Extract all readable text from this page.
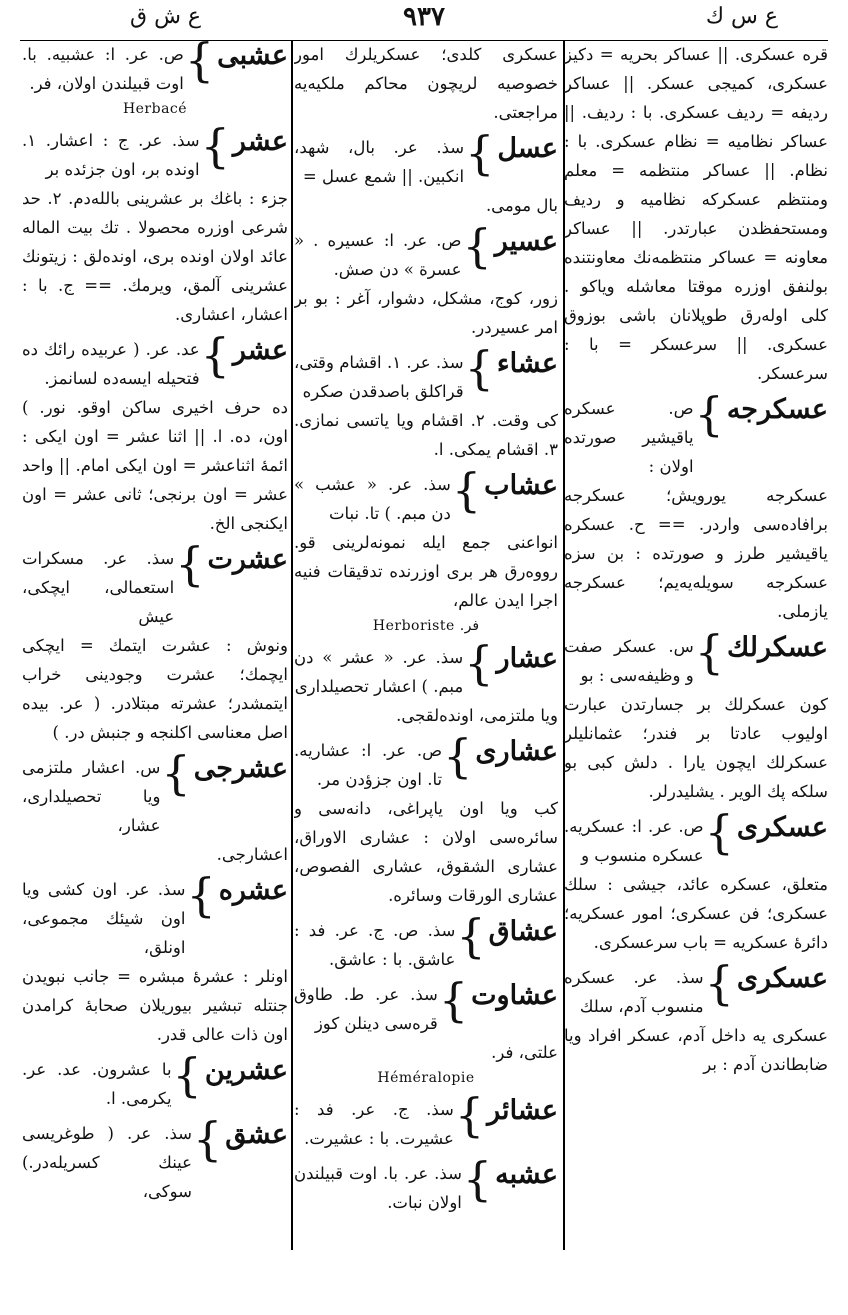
ع ش ق	۹۳۷	ع س ك
قره عسکری. || عساکر بحریه = دکیز عسکری، کمیجی عسکر. || عساکر ردیفه = ردیف عسکری. ﺑﺎ : ردیف. ||عساکر نظامیه = نظام عسکری. ﺑﺎ : نظام. || عساکر منتظمه = معلم ومنتظم عسکرکه نظامیه و ردیف ومستحفظدن عبارتدر. || عساکر معاونه = عساکر منتظمه‌نك معاونتنده بولنفق اوزره موقتا معاشله ویاکو . کلی اوله‌رق طوپلانان باشی بوزوق عسکری. || سرعسکر = ﺑﺎ : سرعسکر.
عسکرجه
{
ص. عسکره یاقیشیر صورتده اولان :
عسکرجه یورویش؛ عسکرجه برافاده‌سی واردر. == ح. عسکره یاقیشیر طرز و صورتده : بن سزه عسکرجه سویله‌یه‌یم؛ عسکرجه یازملی.
عسکرلك
{
س. عسکر صفت و وظیفه‌سی : بو
کون عسکرلك بر جسارتدن عبارت اولیوب عادتا بر فندر؛ عثمانلیلر عسکرلك ایچون یارا . دلش کبی بو سلکه پك الویر . یشلیدرلر.
عسکری
{
ص. عر. ا: عسکریه. عسکره منسوب و
متعلق، عسکره عائد، جیشی : سلك عسکری؛ فن عسکری؛ امور عسکریه؛ دائرۀ عسکریه = باب سرعسکری.
عسکری
{
سذ. عر. عسکره منسوب آدم، سلك
عسکری یه داخل آدم، عسکر افراد ویا ضابطاندن آدم : بر
عسکری کلدی؛ عسکریلرك امور خصوصیه لریچون محاکم ملکیه‌یه مراجعتی.
عسل
{
سذ. عر. بال، شهد، انکبین. || شمع عسل =
بال مومی.
عسیر
{
ص. عر. ا: عسیره . « عسرة » دن صش.
زور، کوج، مشکل، دشوار، آغر : بو بر امر عسیردر.
عشاء
{
سذ. عر. ۱. اقشام وقتی، قراکلق باصدقدن صکره
کی وقت. ۲. اقشام ویا یاتسی نمازی. ۳. اقشام یمکی. ا.
عشاب
{
سذ. عر. « عشب » دن مبم. ) ﺗﺎ. نبات
انواعنی جمع ایله نمونه‌لرینی قو. رووه‌رق هر بری اوزرنده تدقیقات فنیه اجرا ایدن عالم،
Herboriste .فر
عشار
{
سذ. عر. « عشر » دن مبم. ) اعشار تحصیلداری
ویا ملتزمی، اونده‌لقجی.
عشاری
{
ص. عر. ا: عشاریه. ﺗﺎ. اون جزؤدن مر.
کب ویا اون یاپراغی، دانه‌سی و سائره‌سی اولان : عشاری الاوراق، عشاری الشقوق، عشاری الفصوص، عشاری الورقات وسائره.
عشاق
{
سذ. ص. ج. عر. فد : عاشق. ﺑﺎ : عاشق.
عشاوت
{
سذ. عر. ط. طاوق قره‌سی دینلن کوز
علتی، فر.
Héméralopie
عشائر
{
سذ. ج. عر. فد : عشیرت. ﺑﺎ : عشیرت.
عشبه
{
سذ. عر. ﺑﺎ. اوت قبیلندن اولان نبات.
عشبی
{
ص. عر. ا: عشبیه. ﺑﺎ. اوت قبیلندن اولان، فر.
Herbacé
عشر
{
سذ. عر. ج : اعشار. ۱. اونده بر، اون جزئده بر
جزء : باغك بر عشرینی بالله‌دم. ۲. حد شرعی اوزره محصولا . تك بیت المالە عائد اولان اونده بری، اونده‌لق : زیتونك عشرینی آلمق، ویرمك. == ج. ﺑﺎ : اعشار، اعشاری.
عشر
{
عد. عر. ( عربیده رائك ده فتحیله ایسه‌ده لسانمز.
ده حرف اخیری ساکن اوقو. نور. ) اون، ده. ا. || اثنا عشر = اون ایکی : ائمۀ اثناعشر = اون ایکی امام. || واحد عشر = اون برنجی؛ ثانی عشر = اون ایکنجی الخ.
عشرت
{
سذ. عر. مسکرات استعمالی، ایچکی، عیش
ونوش : عشرت ایتمك = ایچکی ایچمك؛ عشرت وجودینی خراب ایتمشدر؛ عشرته مبتلادر. ( عر. بیده اصل معناسی اکلنجه و جنبش در. )
عشرجی
{
س. اعشار ملتزمی ویا تحصیلداری، عشار،
اعشارجی.
عشره
{
سذ. عر. اون کشی ویا اون شیئك مجموعی، اونلق،
اونلر : عشرۀ مبشره = جانب نبویدن جنتله تبشیر بیوریلان صحابۀ کرامدن اون ذات عالی قدر.
عشرین
{
ﺑﺎ عشرون. عد. عر. یکرمی. ا.
عشق
{
سذ. عر. ( طوغریسی عینك کسریله‌در.) سوکی،
